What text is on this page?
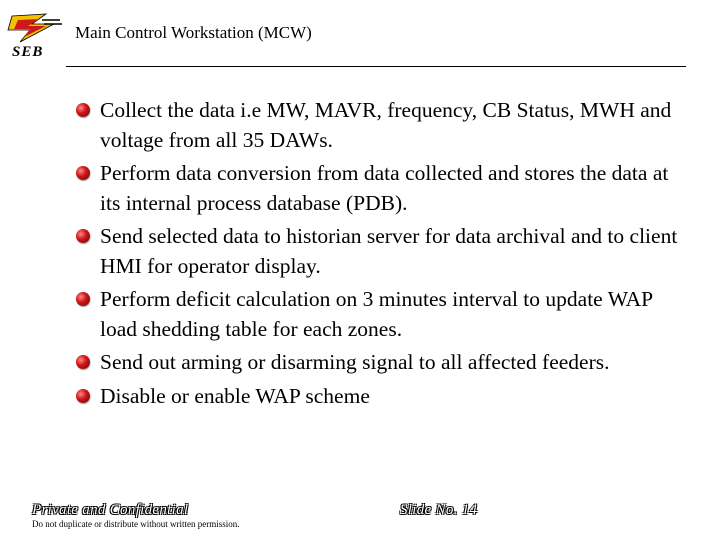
SEB
Main Control Workstation (MCW)
Collect the data i.e MW, MAVR, frequency, CB Status, MWH and voltage from all 35 DAWs.
Perform data conversion from data collected and stores the data at its internal process database (PDB).
Send selected data to historian server for data archival and to client HMI for operator display.
Perform deficit calculation on 3 minutes interval to update WAP load shedding table for each zones.
Send out arming or disarming signal to all affected feeders.
Disable or enable WAP scheme
Private and Confidential	Slide No. 14
Do not duplicate or distribute without written permission.
